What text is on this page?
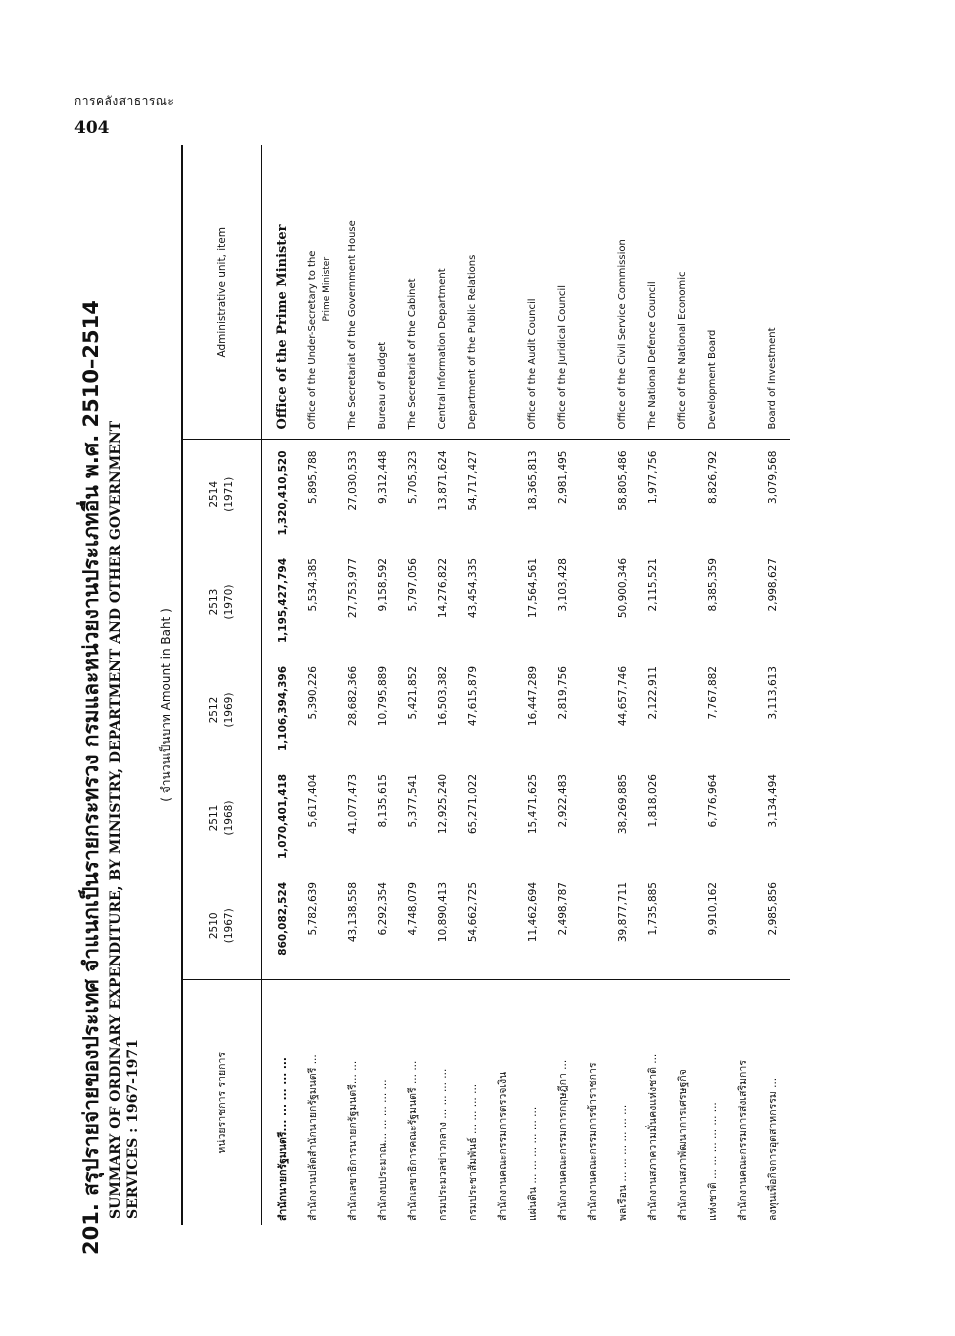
การคลังสาธารณะ
404
201. สรุปรายจ่ายของประเทศ จำแนกเป็นรายกระทรวง กรมและหน่วยงานประเภทอื่น พ.ศ. 2510–2514 SUMMARY OF ORDINARY EXPENDITURE, BY MINISTRY, DEPARTMENT AND OTHER GOVERNMENT SERVICES : 1967-1971
( จำนวนเป็นบาท Amount in Baht )
หน่วยราชการ รายการ	2510 (1967)	2511 (1968)	2512 (1969)	2513 (1970)	2514 (1971)	Administrative unit, item
สำนักนายกรัฐมนตรี... ... ... ... ...	860,082,524	1,070,401,418	1,106,394,396	1,195,427,794	1,320,410,520	Office of the Prime Minister
สำนักงานปลัดสำนักนายกรัฐมนตรี ...	5,782,639	5,617,404	5,390,226	5,534,385	5,895,788	Office of the Under-Secretary to the Prime Minister

สำนักเลขาธิการนายกรัฐมนตรี... ...	43,138,558	41,077,473	28,682,366	27,753,977	27,030,533	The Secretariat of the Government House
สำนักงบประมาณ... ... ... ... ...	6,292,354	8,135,615	10,795,889	9,158,592	9,312,448	Bureau of Budget
สำนักเลขาธิการคณะรัฐมนตรี ... ...	4,748,079	5,377,541	5,421,852	5,797,056	5,705,323	The Secretariat of the Cabinet
กรมประมวลข่าวกลาง ... ... ... ...	10,890,413	12,925,240	16,503,382	14,276,822	13,871,624	Central Information Department
กรมประชาสัมพันธ์ ... ... ... ...	54,662,725	65,271,022	47,615,879	43,454,335	54,717,427	Department of the Public Relations
สำนักงานคณะกรรมการตรวจเงิน						
แผ่นดิน ... ... ... ... ... ...	11,462,694	15,471,625	16,447,289	17,564,561	18,365,813	Office of the Audit Council
สำนักงานคณะกรรมการกฤษฎีกา ...	2,498,787	2,922,483	2,819,756	3,103,428	2,981,495	Office of the Juridical Council
สำนักงานคณะกรรมการข้าราชการ						
พลเรือน ... ... ... ... ... ...	39,877,711	38,269,885	44,657,746	50,900,346	58,805,486	Office of the Civil Service Commission
สำนักงานสภาความมั่นคงแห่งชาติ ...	1,735,885	1,818,026	2,122,911	2,115,521	1,977,756	The National Defence Council
สำนักงานสภาพัฒนาการเศรษฐกิจ						Office of the National Economic
แห่งชาติ ... ... ... ... ... ...	9,910,162	6,776,964	7,767,882	8,385,359	8,826,792	Development Board
สำนักงานคณะกรรมการส่งเสริมการ						
ลงทุนเพื่อกิจการอุตสาหกรรม ...	2,985,856	3,134,494	3,113,613	2,998,627	3,079,568	Board of Investment
